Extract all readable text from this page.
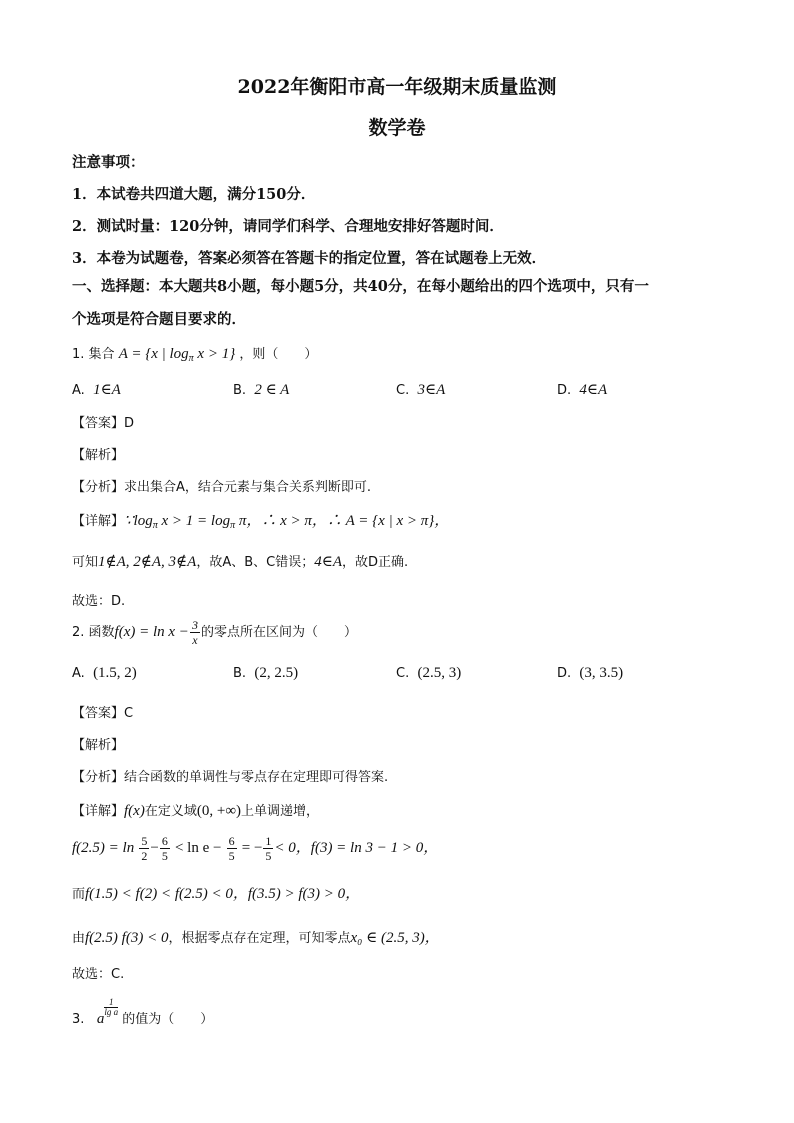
2022年衡阳市高一年级期末质量监测
数学卷
注意事项：
1．本试卷共四道大题，满分150分．
2．测试时量：120分钟，请同学们科学、合理地安排好答题时间．
3．本卷为试题卷，答案必须答在答题卡的指定位置，答在试题卷上无效．
一、选择题：本大题共8小题，每小题5分，共40分，在每小题给出的四个选项中，只有一
个选项是符合题目要求的．
1. 集合 A = {x | $\log_\pi x > 1$} ，则（　　）
A. 1∈A	B. 2 ∈ A	C. 3∈A	D. 4∈A
【答案】D
【解析】
【分析】求出集合A，结合元素与集合关系判断即可.
【详解】$\because\log_\pi$ $x > 1 = \log_\pi \pi$，∴ x > π，∴ A = {x | x > π}，
可知1∉A, 2∉A, 3∉A，故A、B、C错误；4∈A，故D正确.
故选：D.
2. 函数$f(x) = \ln x - \frac{3}{x}$ 的零点所在区间为（　　）
A. (1.5, 2)	B. (2, 2.5)	C. (2.5, 3)	D. (3, 3.5)
【答案】C
【解析】
【分析】结合函数的单调性与零点存在定理即可得答案.
【详解】f(x)在定义域(0, +∞)上单调递增，
$f(2.5) = \ln \frac{5}{2} - \frac{6}{5} < \ln e - \frac{6}{5}$ = − $\frac{1}{5} < 0$，f(3) = ln 3 − 1 > 0，
而f(1.5) < f(2) < f(2.5) < 0，f(3.5) > f(3) > 0，
由f(2.5) f(3) < 0，根据零点存在定理，可知零点x₀ ∈ (2.5, 3)，
故选：C.
3. a
$\frac{1}{\text{lg a}}$ 的值为（　　）
